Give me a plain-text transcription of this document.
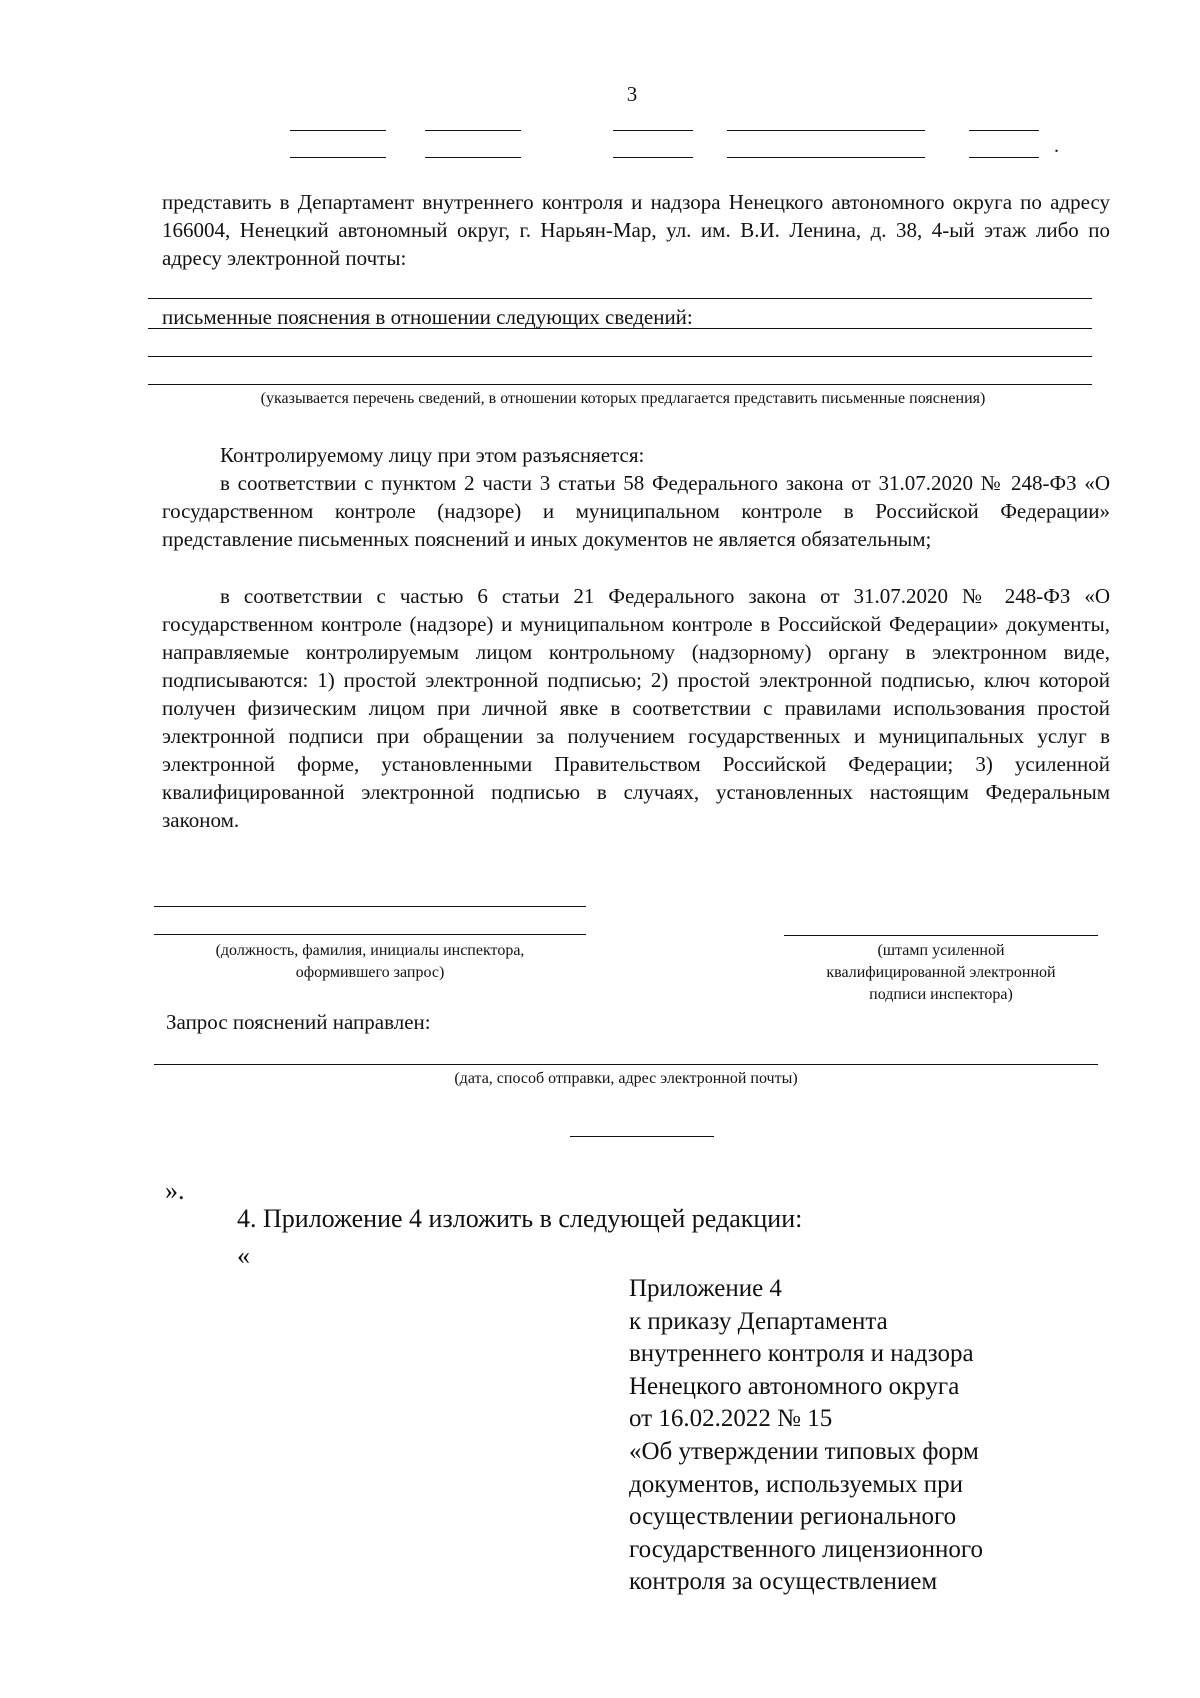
3
.
представить в Департамент внутреннего контроля и надзора Ненецкого автономного округа по адресу 166004, Ненецкий автономный округ, г. Нарьян-Мар, ул. им. В.И. Ленина, д. 38, 4-ый этаж либо по адресу электронной почты:
письменные пояснения в отношении следующих сведений:
(указывается перечень сведений, в отношении которых предлагается представить письменные пояснения)
Контролируемому лицу при этом разъясняется:
в соответствии с пунктом 2 части 3 статьи 58 Федерального закона от 31.07.2020 № 248-ФЗ «О государственном контроле (надзоре) и муниципальном контроле в Российской Федерации» представление письменных пояснений и иных документов не является обязательным;
в соответствии с частью 6 статьи 21 Федерального закона от 31.07.2020 № 248-ФЗ «О государственном контроле (надзоре) и муниципальном контроле в Российской Федерации» документы, направляемые контролируемым лицом контрольному (надзорному) органу в электронном виде, подписываются: 1) простой электронной подписью; 2) простой электронной подписью, ключ которой получен физическим лицом при личной явке в соответствии с правилами использования простой электронной подписи при обращении за получением государственных и муниципальных услуг в электронной форме, установленными Правительством Российской Федерации; 3) усиленной квалифицированной электронной подписью в случаях, установленных настоящим Федеральным законом.
(должность, фамилия, инициалы инспектора,
оформившего запрос)
(штамп усиленной
квалифицированной электронной
подписи инспектора)
Запрос пояснений направлен:
(дата, способ отправки, адрес электронной почты)
».
4. Приложение 4 изложить в следующей редакции:
«
Приложение 4
к приказу Департамента
внутреннего контроля и надзора
Ненецкого автономного округа
от 16.02.2022 № 15
«Об утверждении типовых форм
документов, используемых при
осуществлении регионального
государственного лицензионного
контроля за осуществлением
